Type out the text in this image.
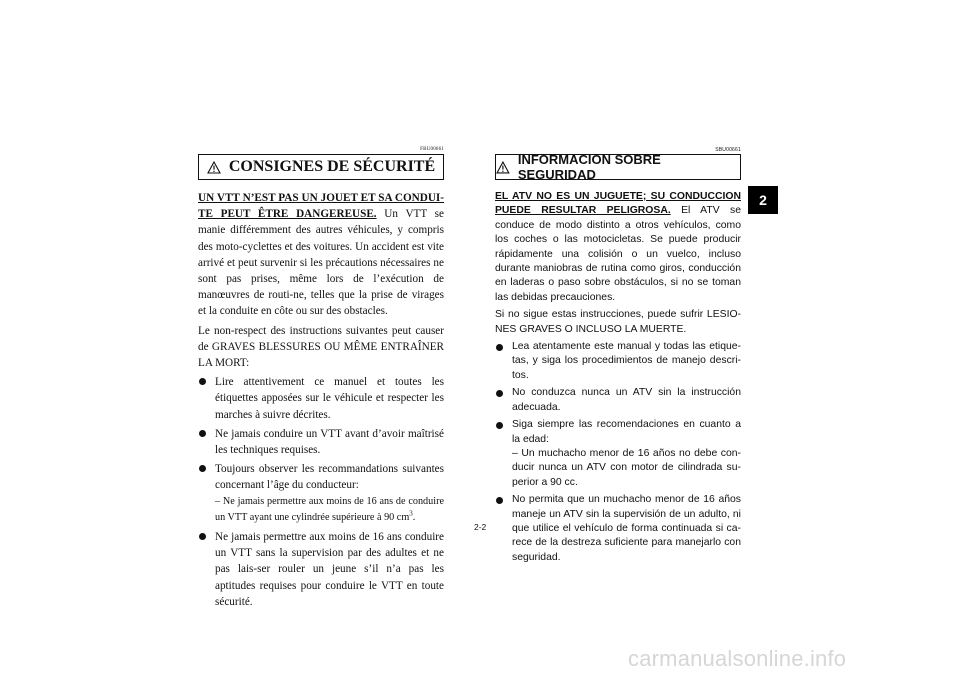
FBU00661
CONSIGNES DE SÉCURITÉ

UN VTT N’EST PAS UN JOUET ET SA CONDUI-TE PEUT ÊTRE DANGEREUSE. Un VTT se manie différemment des autres véhicules, y compris des moto-cyclettes et des voitures. Un accident est vite arrivé et peut survenir si les précautions nécessaires ne sont pas prises, même lors de l’exécution de manœuvres de routi-ne, telles que la prise de virages et la conduite en côte ou sur des obstacles.

Le non-respect des instructions suivantes peut causer de GRAVES BLESSURES OU MÊME ENTRAÎNER LA MORT:

Lire attentivement ce manuel et toutes les étiquettes apposées sur le véhicule et respecter les marches à suivre décrites.
Ne jamais conduire un VTT avant d’avoir maîtrisé les techniques requises.
Toujours observer les recommandations suivantes concernant l’âge du conducteur:
– Ne jamais permettre aux moins de 16 ans de conduire un VTT ayant une cylindrée supérieure à 90 $cm^3$.
Ne jamais permettre aux moins de 16 ans conduire un VTT sans la supervision par des adultes et ne pas lais-ser rouler un jeune s’il n’a pas les aptitudes requises pour conduire le VTT en toute sécurité.
SBU00661
INFORMACION SOBRE SEGURIDAD

EL ATV NO ES UN JUGUETE; SU CONDUCCION PUEDE RESULTAR PELIGROSA. El ATV se conduce de modo distinto a otros vehículos, como los coches o las motocicletas. Se puede producir rápidamente una colisión o un vuelco, incluso durante maniobras de rutina como giros, conducción en laderas o paso sobre obstáculos, si no se toman las debidas precauciones.

Si no sigue estas instrucciones, puede sufrir LESIO-NES GRAVES O INCLUSO LA MUERTE.

Lea atentamente este manual y todas las etique-tas, y siga los procedimientos de manejo descri-tos.
No conduzca nunca un ATV sin la instrucción adecuada.
Siga siempre las recomendaciones en cuanto a la edad:
– Un muchacho menor de 16 años no debe con-ducir nunca un ATV con motor de cilindrada su-perior a 90 cc.
No permita que un muchacho menor de 16 años maneje un ATV sin la supervisión de un adulto, ni que utilice el vehículo de forma continuada si ca-rece de la destreza suficiente para manejarlo con seguridad.
2-2
2
carmanualsonline.info
